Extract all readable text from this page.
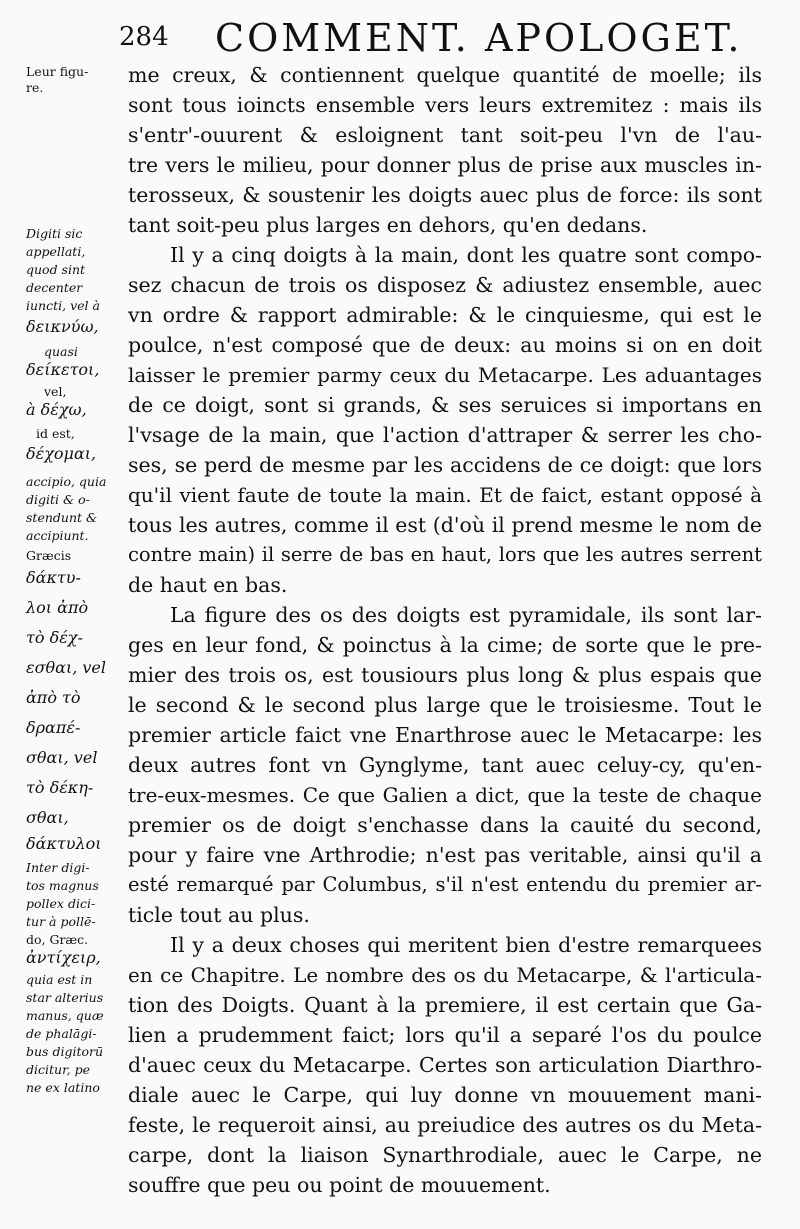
284 COMMENT. APOLOGET.
Leur figu-
re.
Digiti sic
appellati,
quod sint
decenter
iuncti, vel à
δεικνύω,
quasi
δείκετοι,
vel,
à δέχω,
id est,
δέχομαι,
accipio, quia
digiti & o-
stendunt &
accipiunt.
Græcis
δάκτυ-
λοι ἀπὸ
τὸ δέχ-
εσθαι, vel
ἀπὸ τὸ
δραπέ-
σθαι, vel
τὸ δέκη-
σθαι,
δάκτυλοι
Inter digi-
tos magnus
pollex dici-
tur à pollē-
do, Græc.
ἀντίχειρ,
quia est in
star alterius
manus, quæ
de phalāgi-
bus digitorū
dicitur, pe
ne ex latino
me creux, & contiennent quelque quantité de moelle; ils
sont tous ioincts ensemble vers leurs extremitez : mais ils
s'entr'-ouurent & esloignent tant soit-peu l'vn de l'au-
tre vers le milieu, pour donner plus de prise aux muscles in-
terosseux, & soustenir les doigts auec plus de force: ils sont
tant soit-peu plus larges en dehors, qu'en dedans.
Il y a cinq doigts à la main, dont les quatre sont compo-
sez chacun de trois os disposez & adiustez ensemble, auec
vn ordre & rapport admirable: & le cinquiesme, qui est le
poulce, n'est composé que de deux: au moins si on en doit
laisser le premier parmy ceux du Metacarpe. Les aduantages
de ce doigt, sont si grands, & ses seruices si importans en
l'vsage de la main, que l'action d'attraper & serrer les cho-
ses, se perd de mesme par les accidens de ce doigt: que lors
qu'il vient faute de toute la main. Et de faict, estant opposé à
tous les autres, comme il est (d'où il prend mesme le nom de
contre main) il serre de bas en haut, lors que les autres serrent
de haut en bas.
La figure des os des doigts est pyramidale, ils sont lar-
ges en leur fond, & poinctus à la cime; de sorte que le pre-
mier des trois os, est tousiours plus long & plus espais que
le second & le second plus large que le troisiesme. Tout le
premier article faict vne Enarthrose auec le Metacarpe: les
deux autres font vn Gynglyme, tant auec celuy-cy, qu'en-
tre-eux-mesmes. Ce que Galien a dict, que la teste de chaque
premier os de doigt s'enchasse dans la cauité du second,
pour y faire vne Arthrodie; n'est pas veritable, ainsi qu'il a
esté remarqué par Columbus, s'il n'est entendu du premier ar-
ticle tout au plus.
Il y a deux choses qui meritent bien d'estre remarquees
en ce Chapitre. Le nombre des os du Metacarpe, & l'articula-
tion des Doigts. Quant à la premiere, il est certain que Ga-
lien a prudemment faict; lors qu'il a separé l'os du poulce
d'auec ceux du Metacarpe. Certes son articulation Diarthro-
diale auec le Carpe, qui luy donne vn mouuement mani-
feste, le requeroit ainsi, au preiudice des autres os du Meta-
carpe, dont la liaison Synarthrodiale, auec le Carpe, ne
souffre que peu ou point de mouuement.
